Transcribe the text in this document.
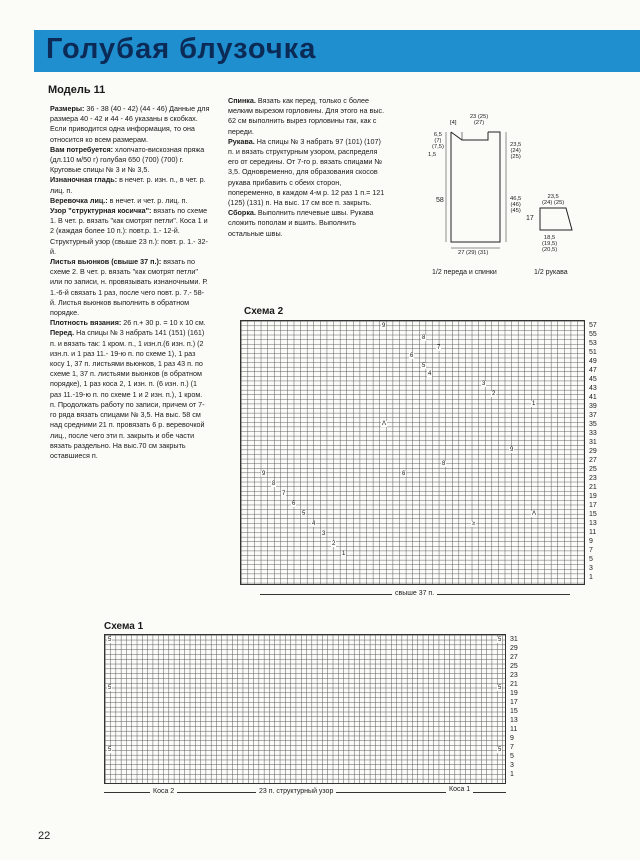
Голубая блузочка
Модель 11

Размеры: 36 - 38 (40 - 42) (44 - 46) Данные для размера 40 - 42 и 44 - 46 указаны в скобках. Если приводится одна информация, то она относится ко всем размерам.

Вам потребуется: хлопчато-вискозная пряжа (дл.110 м/50 г) голубая 650 (700) (700) г. Круговые спицы № 3 и № 3,5.

Изнаночная гладь: в нечет. р. изн. п., в чет. р. лиц. п.

Веревочка лиц.: в нечет. и чет. р. лиц. п.

Узор "структурная косичка": вязать по схеме 1. В чет. р. вязать "как смотрят петли". Коса 1 и 2 (каждая более 10 п.): повт.р. 1.- 12-й. Структурный узор (свыше 23 п.): повт. р. 1.- 32-й.

Листья вьюнков (свыше 37 п.): вязать по схеме 2. В чет. р. вязать "как смотрят петли" или по записи, н. провязывать изнаночными. Р. 1.-6-й связать 1 раз, после чего повт. р. 7.- 58-й. Листья вьюнков выполнить в обратном порядке.

Плотность вязания: 26 п.+ 30 р. = 10 х 10 см.

Перед. На спицы № 3 набрать 141 (151) (161) п. и вязать так: 1 кром. п., 1 изн.п.(6 изн. п.) (2 изн.п. и 1 раз 11.- 19-ю п. по схеме 1), 1 раз косу 1, 37 п. листьями вьюнков, 1 раз 43 п. по схеме 1, 37 п. листьями вьюнков (в обратном порядке), 1 раз коса 2, 1 изн. п. (6 изн. п.) (1 раз 11.-19-ю п. по схеме 1 и 2 изн. п.), 1 кром. п. Продолжать работу по записи, причем от 7-го ряда вязать спицами № 3,5. На выс. 58 см над средними 21 п. провязать 6 р. веревочкой лиц., после чего эти п. закрыть и обе части вязать раздельно. На выс.70 см закрыть оставшиеся п.

Спинка. Вязать как перед, только с более мелким вырезом горловины. Для этого на выс. 62 см выполнить вырез горловины так, как с переди.

Рукава. На спицы № 3 набрать 97 (101) (107) п. и вязать структурным узором, распределя его от середины. От 7-го р. вязать спицами № 3,5. Одновременно, для образования скосов рукава прибавить с обеих сторон, попеременно, в каждом 4-м р. 12 раз 1 п.= 121 (125) (131) п. На выс. 17 см все п. закрыть.

Сборка. Выполнить плечевые швы. Рукава сложить пополам и вшить. Выполнить остальные швы.

23 (25)
(27)
[4]
6,5
(7)
(7,5)
1,5
23,5
(24)
(25)
46,5
(46)
(45)
58
27 (29) (31)
23,5
(24) (25)
17
18,5
(19,5)
(20,5)
1/2 переда и спинки	1/2 рукава
Схема 2
9
8
7
6
5
4
3
2
1
Λ
9
8
6
9
8
7
6
5
4
3
2
1
≥
Λ
57
55
53
51
49
47
45
43
41
39
37
35
33
31
29
27
25
23
21
19
17
15
13
11
9
7
5
3
1
свыше 37 п.
Схема 1
5
5
5
5
5
5
31
29
27
25
23
21
19
17
15
13
11
9
7
5
3
1
Коса 2	23 п. структурный узор	Коса 1
22
